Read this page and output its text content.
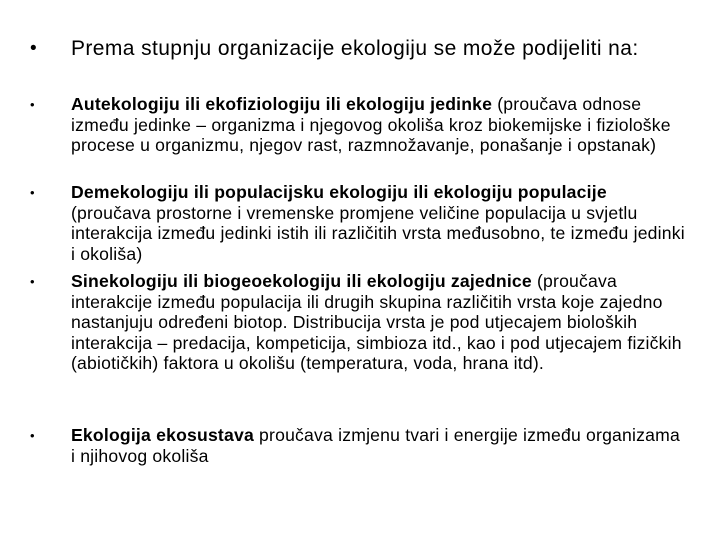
• Prema stupnju organizacije ekologiju se može podijeliti na:
• Autekologiju ili ekofiziologiju ili ekologiju jedinke (proučava odnose između jedinke – organizma i njegovog okoliša kroz biokemijske i fiziološke procese u organizmu, njegov rast, razmnožavanje, ponašanje i opstanak)
• Demekologiju ili populacijsku ekologiju ili ekologiju populacije (proučava prostorne i vremenske promjene veličine populacija u svjetlu interakcija između jedinki istih ili različitih vrsta međusobno, te između jedinki i okoliša)
• Sinekologiju ili biogeoekologiju ili ekologiju zajednice (proučava interakcije između populacija ili drugih skupina različitih vrsta koje zajedno nastanjuju određeni biotop. Distribucija vrsta je pod utjecajem bioloških interakcija – predacija, kompeticija, simbioza itd., kao i pod utjecajem fizičkih (abiotičkih) faktora u okolišu (temperatura, voda, hrana itd).
• Ekologija ekosustava proučava izmjenu tvari i energije između organizama i njihovog okoliša
